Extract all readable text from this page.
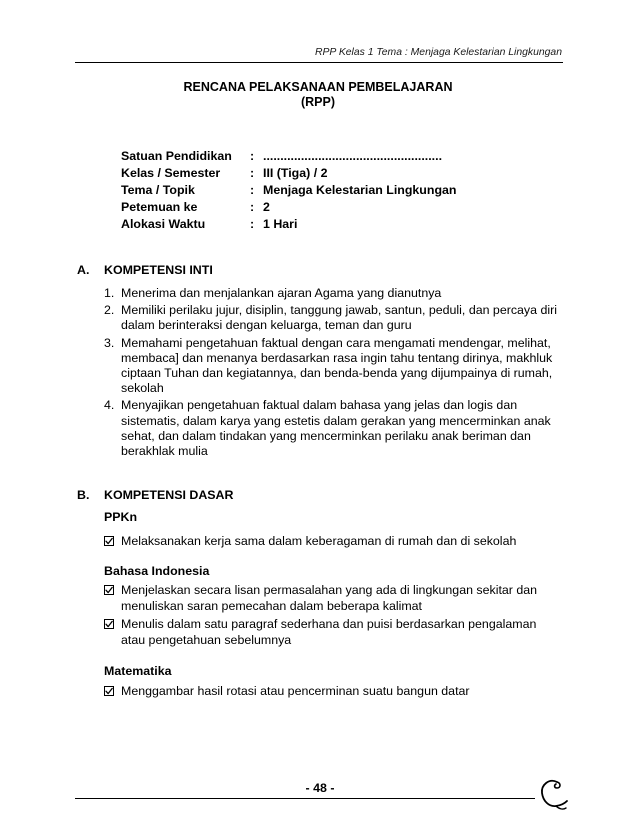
RPP Kelas 1 Tema : Menjaga Kelestarian Lingkungan
RENCANA PELAKSANAAN PEMBELAJARAN
(RPP)
Satuan Pendidikan : ....................................................
Kelas / Semester : III (Tiga) / 2
Tema / Topik	: Menjaga Kelestarian Lingkungan
Petemuan ke	: 2
Alokasi Waktu	: 1 Hari
A. KOMPETENSI INTI
1. Menerima dan menjalankan ajaran Agama yang dianutnya
2. Memiliki perilaku jujur, disiplin, tanggung jawab, santun, peduli, dan percaya diri
dalam berinteraksi dengan keluarga, teman dan guru
3. Memahami pengetahuan faktual dengan cara mengamati mendengar, melihat,
membaca] dan menanya berdasarkan rasa ingin tahu tentang dirinya, makhluk
ciptaan Tuhan dan kegiatannya, dan benda-benda yang dijumpainya di rumah,
sekolah
4. Menyajikan pengetahuan faktual dalam bahasa yang jelas dan logis dan
sistematis, dalam karya yang estetis dalam gerakan yang mencerminkan anak
sehat, dan dalam tindakan yang mencerminkan perilaku anak beriman dan
berakhlak mulia
B. KOMPETENSI DASAR
PPKn
Melaksanakan kerja sama dalam keberagaman di rumah dan di sekolah
Bahasa Indonesia
Menjelaskan secara lisan permasalahan yang ada di lingkungan sekitar dan
menuliskan saran pemecahan dalam beberapa kalimat
Menulis dalam satu paragraf sederhana dan puisi berdasarkan pengalaman
atau pengetahuan sebelumnya
Matematika
Menggambar hasil rotasi atau pencerminan suatu bangun datar
- 48 -
